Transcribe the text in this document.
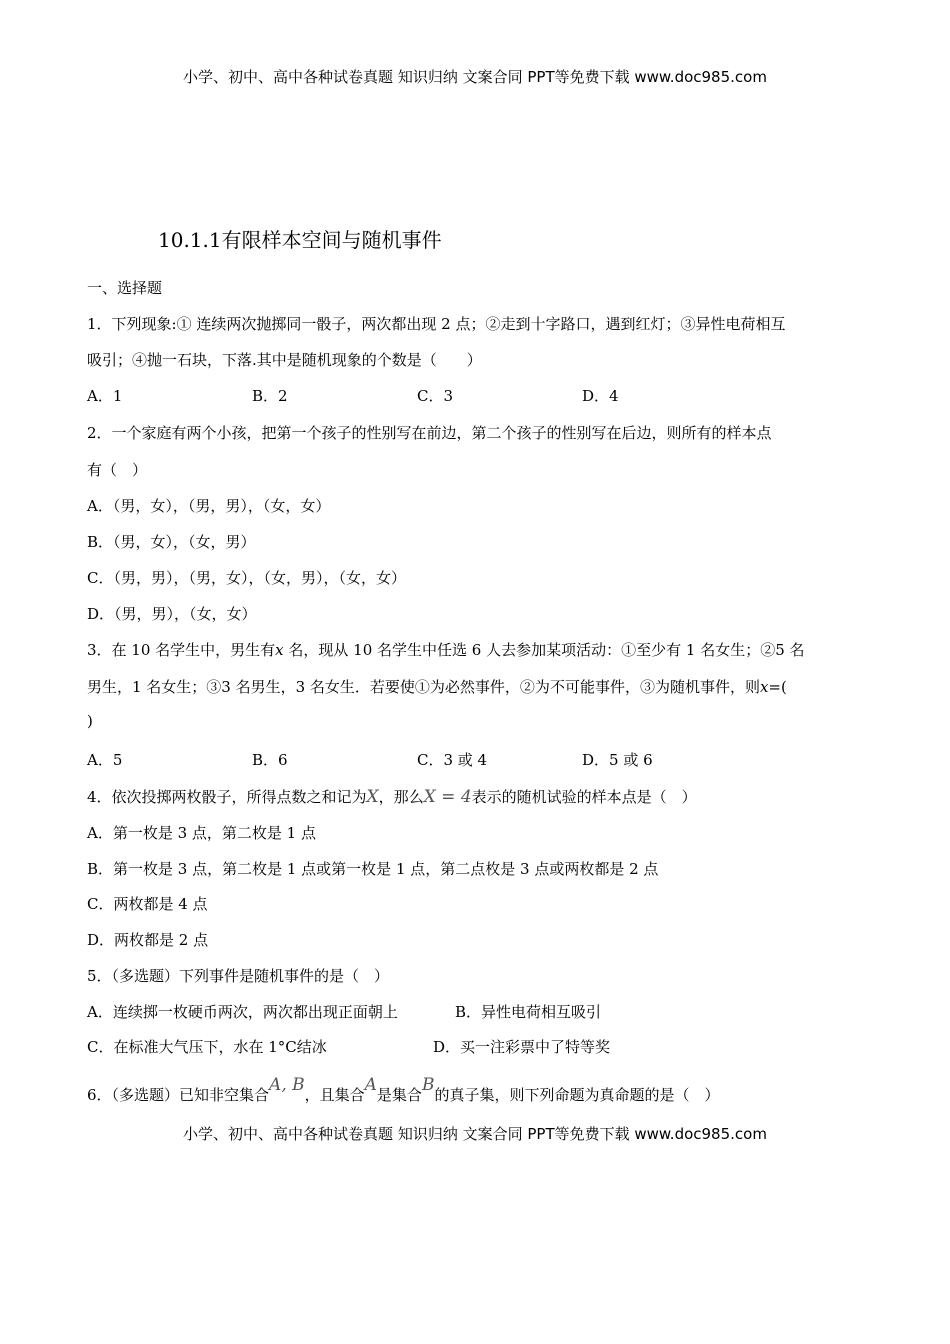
小学、初中、高中各种试卷真题 知识归纳 文案合同 PPT等免费下载 www.doc985.com
10.1.1有限样本空间与随机事件
一、选择题
1．下列现象:① 连续两次抛掷同一骰子，两次都出现 2 点；②走到十字路口，遇到红灯；③异性电荷相互
吸引；④抛一石块，下落.其中是随机现象的个数是（　　）
A．1	B．2	C．3	D．4
2．一个家庭有两个小孩，把第一个孩子的性别写在前边，第二个孩子的性别写在后边，则所有的样本点
有（　）
A．（男，女），（男，男），（女，女）
B．（男，女），（女，男）
C．（男，男），（男，女），（女，男），（女，女）
D．（男，男），（女，女）
3．在 10 名学生中，男生有x 名，现从 10 名学生中任选 6 人去参加某项活动：①至少有 1 名女生；②5 名
男生，1 名女生；③3 名男生，3 名女生．若要使①为必然事件，②为不可能事件，③为随机事件，则x=(
)
A．5	B．6	C．3 或 4	D．5 或 6
4．依次投掷两枚骰子，所得点数之和记为X，那么X = 4表示的随机试验的样本点是（　）
A．第一枚是 3 点，第二枚是 1 点
B．第一枚是 3 点，第二枚是 1 点或第一枚是 1 点，第二点枚是 3 点或两枚都是 2 点
C．两枚都是 4 点
D．两枚都是 2 点
5．（多选题）下列事件是随机事件的是（　）
A．连续掷一枚硬币两次，两次都出现正面朝上	B．异性电荷相互吸引
C．在标准大气压下，水在 1°C结冰	D．买一注彩票中了特等奖
6．（多选题）已知非空集合A, B，且集合A是集合B的真子集，则下列命题为真命题的是（　）
小学、初中、高中各种试卷真题 知识归纳 文案合同 PPT等免费下载 www.doc985.com
